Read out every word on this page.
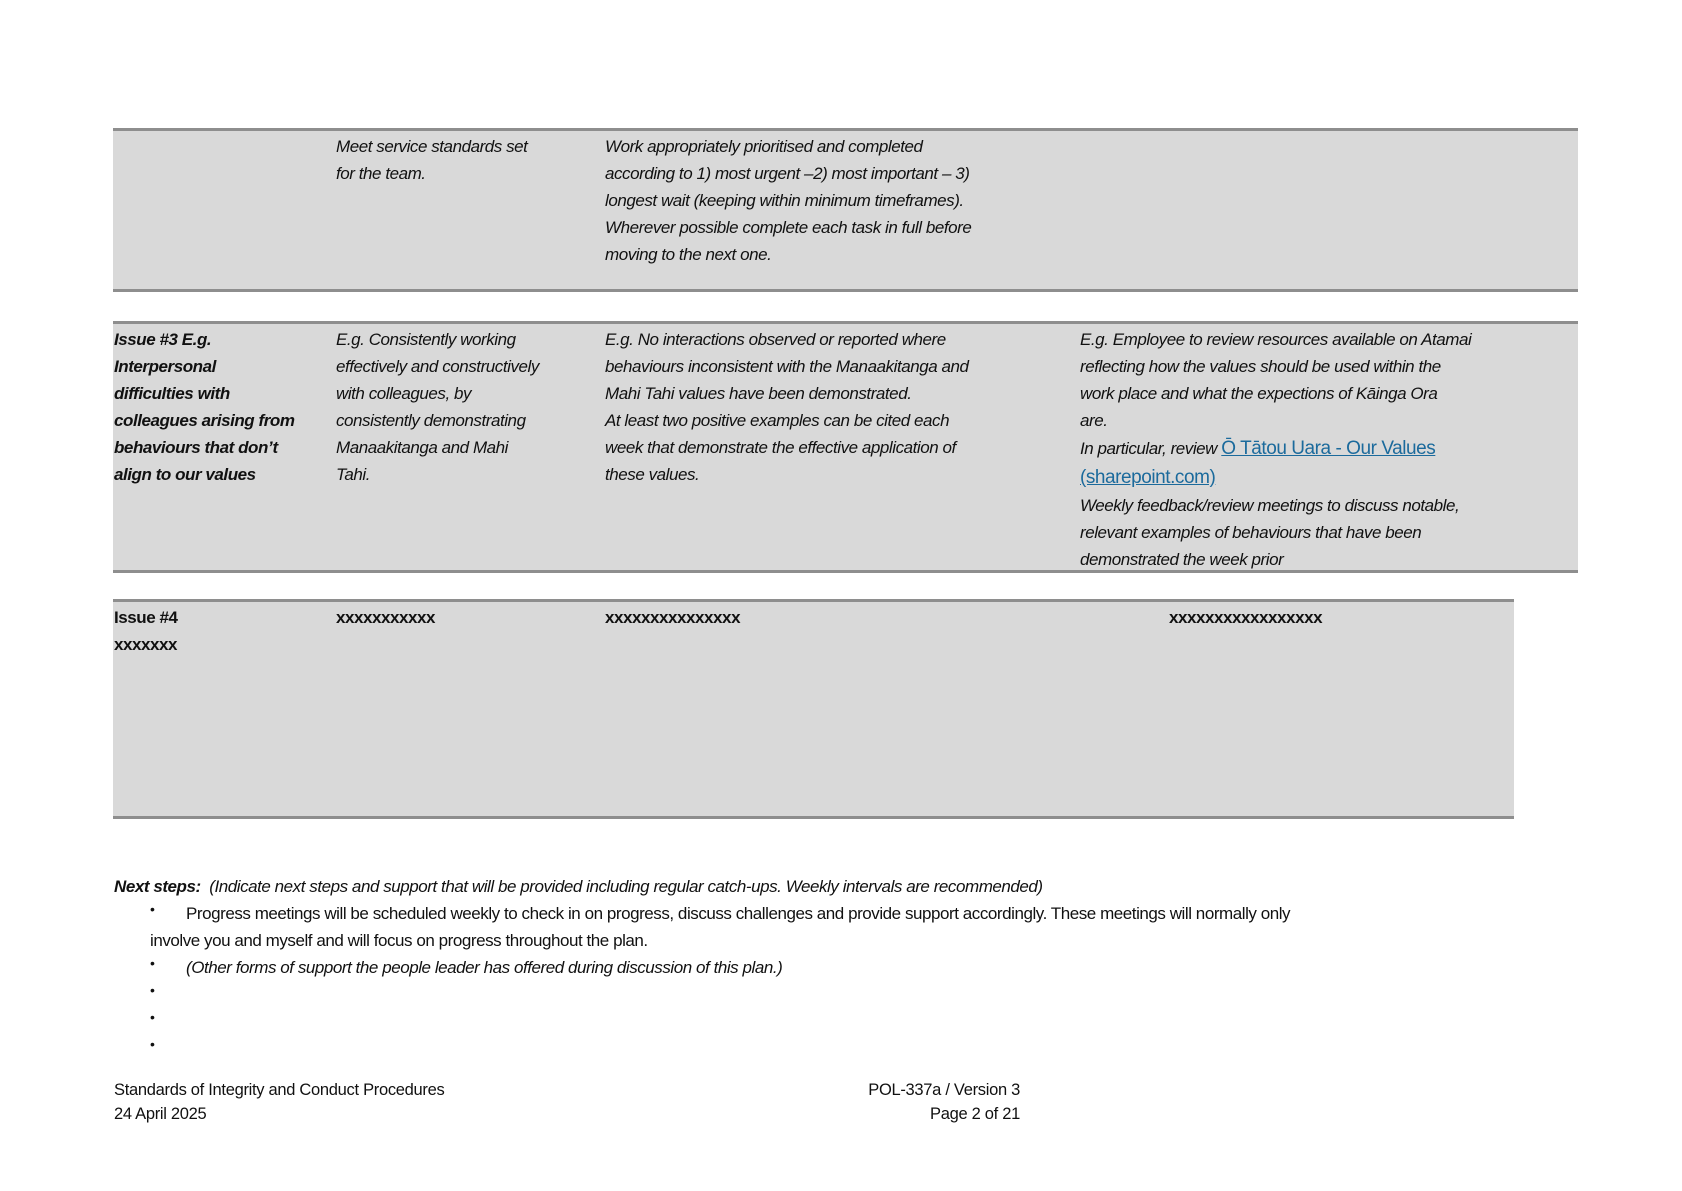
Meet service standards set
for the team.
Work appropriately prioritised and completed
according to 1) most urgent –2) most important – 3)
longest wait (keeping within minimum timeframes).
Wherever possible complete each task in full before
moving to the next one.
Issue #3 E.g.
Interpersonal
difficulties with
colleagues arising from
behaviours that don’t
align to our values
E.g. Consistently working
effectively and constructively
with colleagues, by
consistently demonstrating
Manaakitanga and Mahi
Tahi.
E.g. No interactions observed or reported where
behaviours inconsistent with the Manaakitanga and
Mahi Tahi values have been demonstrated.
At least two positive examples can be cited each
week that demonstrate the effective application of
these values.
E.g. Employee to review resources available on Atamai
reflecting how the values should be used within the
work place and what the expections of Kāinga Ora
are.
In particular, review Ō Tātou Uara - Our Values
(sharepoint.com)
Weekly feedback/review meetings to discuss notable,
relevant examples of behaviours that have been
demonstrated the week prior
Issue #4
xxxxxxx
xxxxxxxxxxx	xxxxxxxxxxxxxxx	xxxxxxxxxxxxxxxxx
Next steps: (Indicate next steps and support that will be provided including regular catch-ups. Weekly intervals are recommended)
• Progress meetings will be scheduled weekly to check in on progress, discuss challenges and provide support accordingly. These meetings will normally only
involve you and myself and will focus on progress throughout the plan.
• (Other forms of support the people leader has offered during discussion of this plan.)
•
•
•
Standards of Integrity and Conduct Procedures
24 April 2025
POL-337a / Version 3
Page 2 of 21
